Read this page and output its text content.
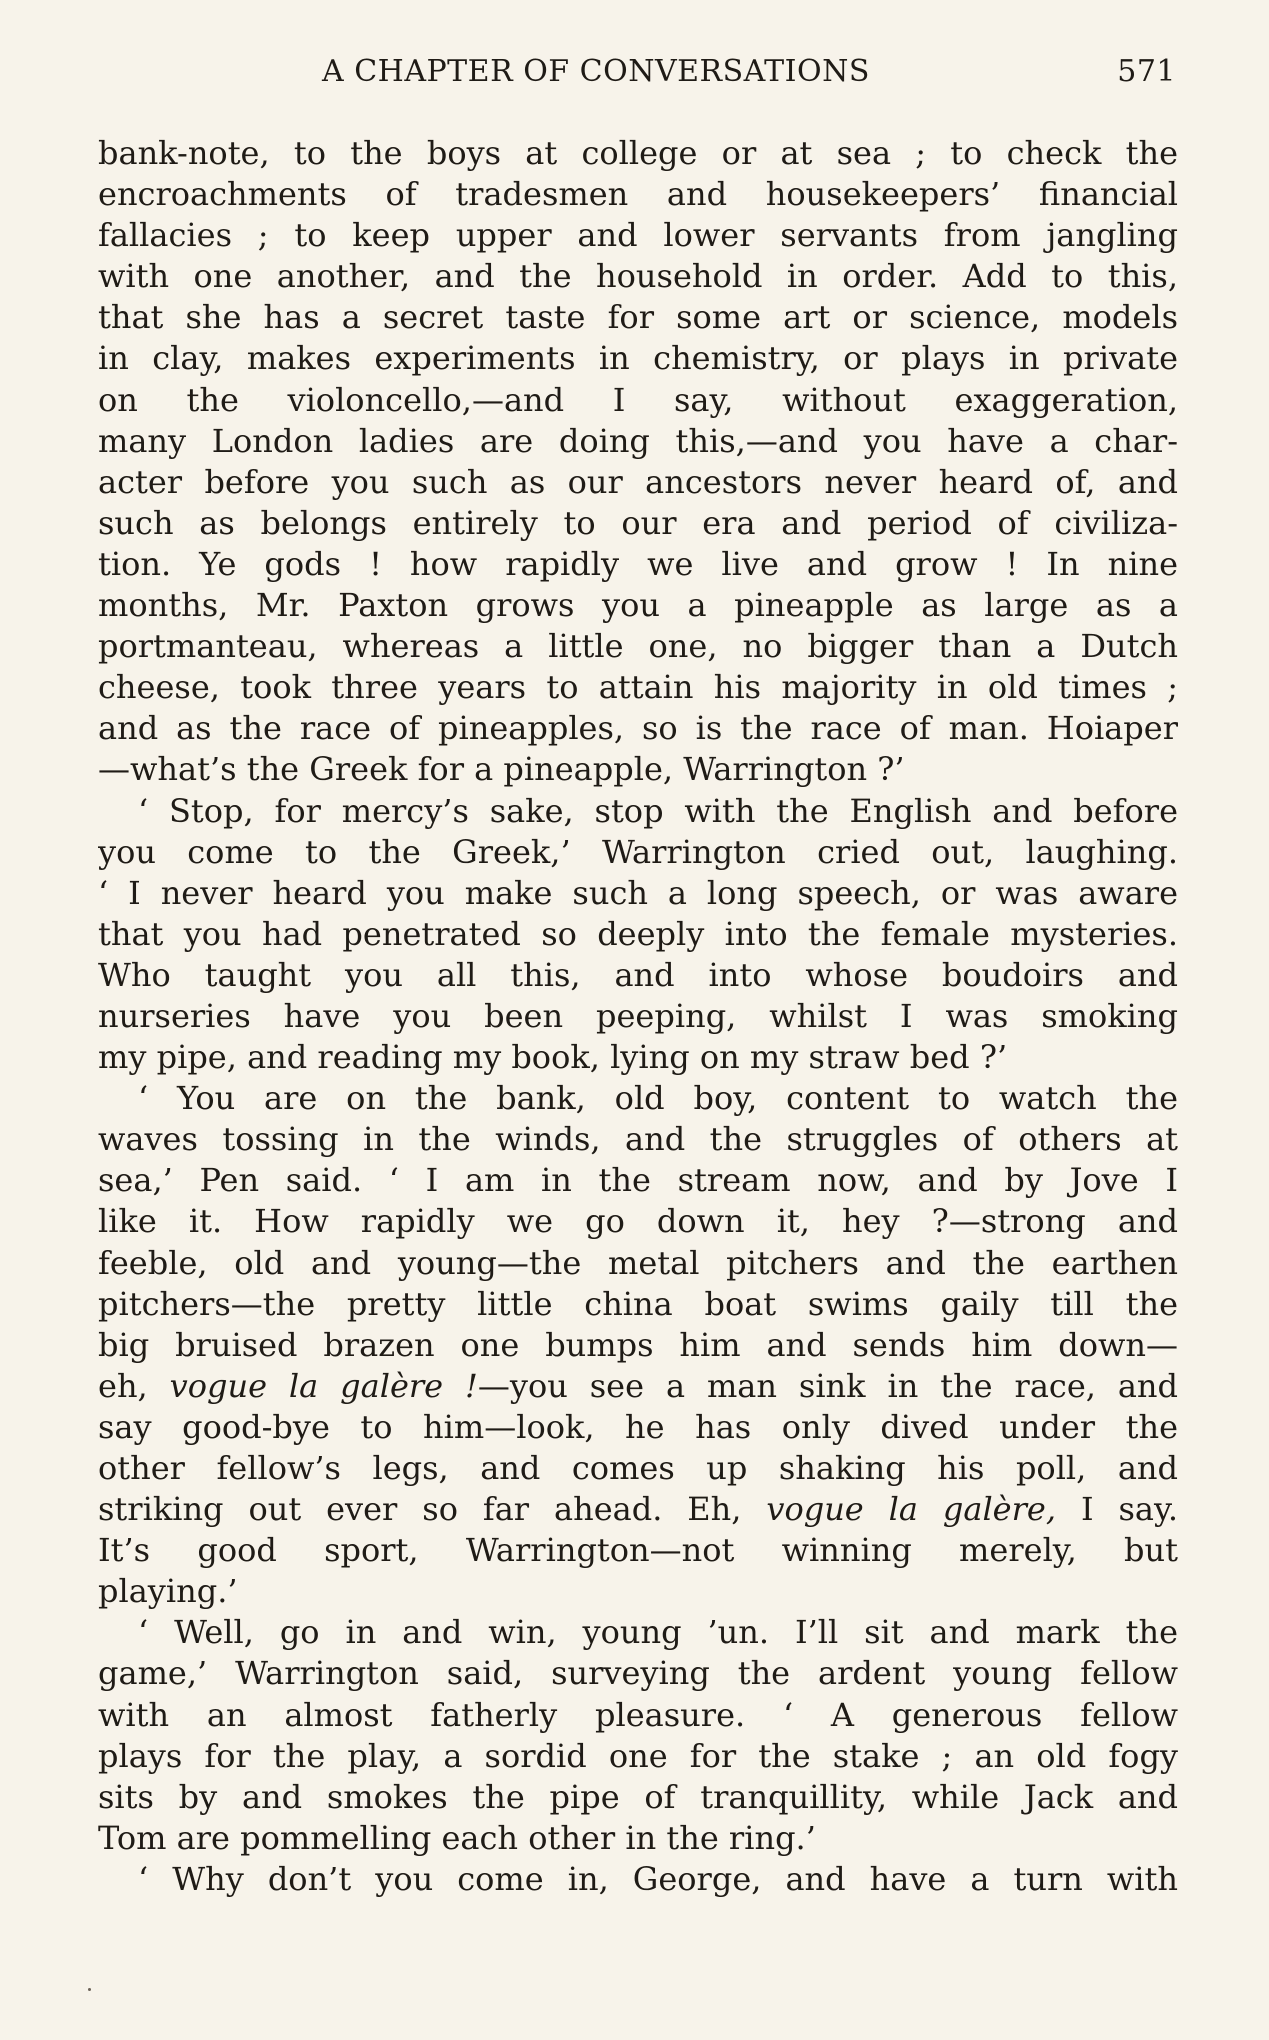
A CHAPTER OF CONVERSATIONS	571
bank-note, to the boys at college or at sea ; to check the
encroachments of tradesmen and housekeepers’ financial
fallacies ; to keep upper and lower servants from jangling
with one another, and the household in order. Add to this,
that she has a secret taste for some art or science, models
in clay, makes experiments in chemistry, or plays in private
on the violoncello,—and I say, without exaggeration,
many London ladies are doing this,—and you have a char-
acter before you such as our ancestors never heard of, and
such as belongs entirely to our era and period of civiliza-
tion. Ye gods ! how rapidly we live and grow ! In nine
months, Mr. Paxton grows you a pineapple as large as a
portmanteau, whereas a little one, no bigger than a Dutch
cheese, took three years to attain his majority in old times ;
and as the race of pineapples, so is the race of man. Hoiaper
—what’s the Greek for a pineapple, Warrington ?’
‘ Stop, for mercy’s sake, stop with the English and before
you come to the Greek,’ Warrington cried out, laughing.
‘ I never heard you make such a long speech, or was aware
that you had penetrated so deeply into the female mysteries.
Who taught you all this, and into whose boudoirs and
nurseries have you been peeping, whilst I was smoking
my pipe, and reading my book, lying on my straw bed ?’
‘ You are on the bank, old boy, content to watch the
waves tossing in the winds, and the struggles of others at
sea,’ Pen said. ‘ I am in the stream now, and by Jove I
like it. How rapidly we go down it, hey ?—strong and
feeble, old and young—the metal pitchers and the earthen
pitchers—the pretty little china boat swims gaily till the
big bruised brazen one bumps him and sends him down—
eh, vogue la galère !—you see a man sink in the race, and
say good-bye to him—look, he has only dived under the
other fellow’s legs, and comes up shaking his poll, and
striking out ever so far ahead. Eh, vogue la galère, I say.
It’s good sport, Warrington—not winning merely, but
playing.’
‘ Well, go in and win, young ’un. I’ll sit and mark the
game,’ Warrington said, surveying the ardent young fellow
with an almost fatherly pleasure. ‘ A generous fellow
plays for the play, a sordid one for the stake ; an old fogy
sits by and smokes the pipe of tranquillity, while Jack and
Tom are pommelling each other in the ring.’
‘ Why don’t you come in, George, and have a turn with
